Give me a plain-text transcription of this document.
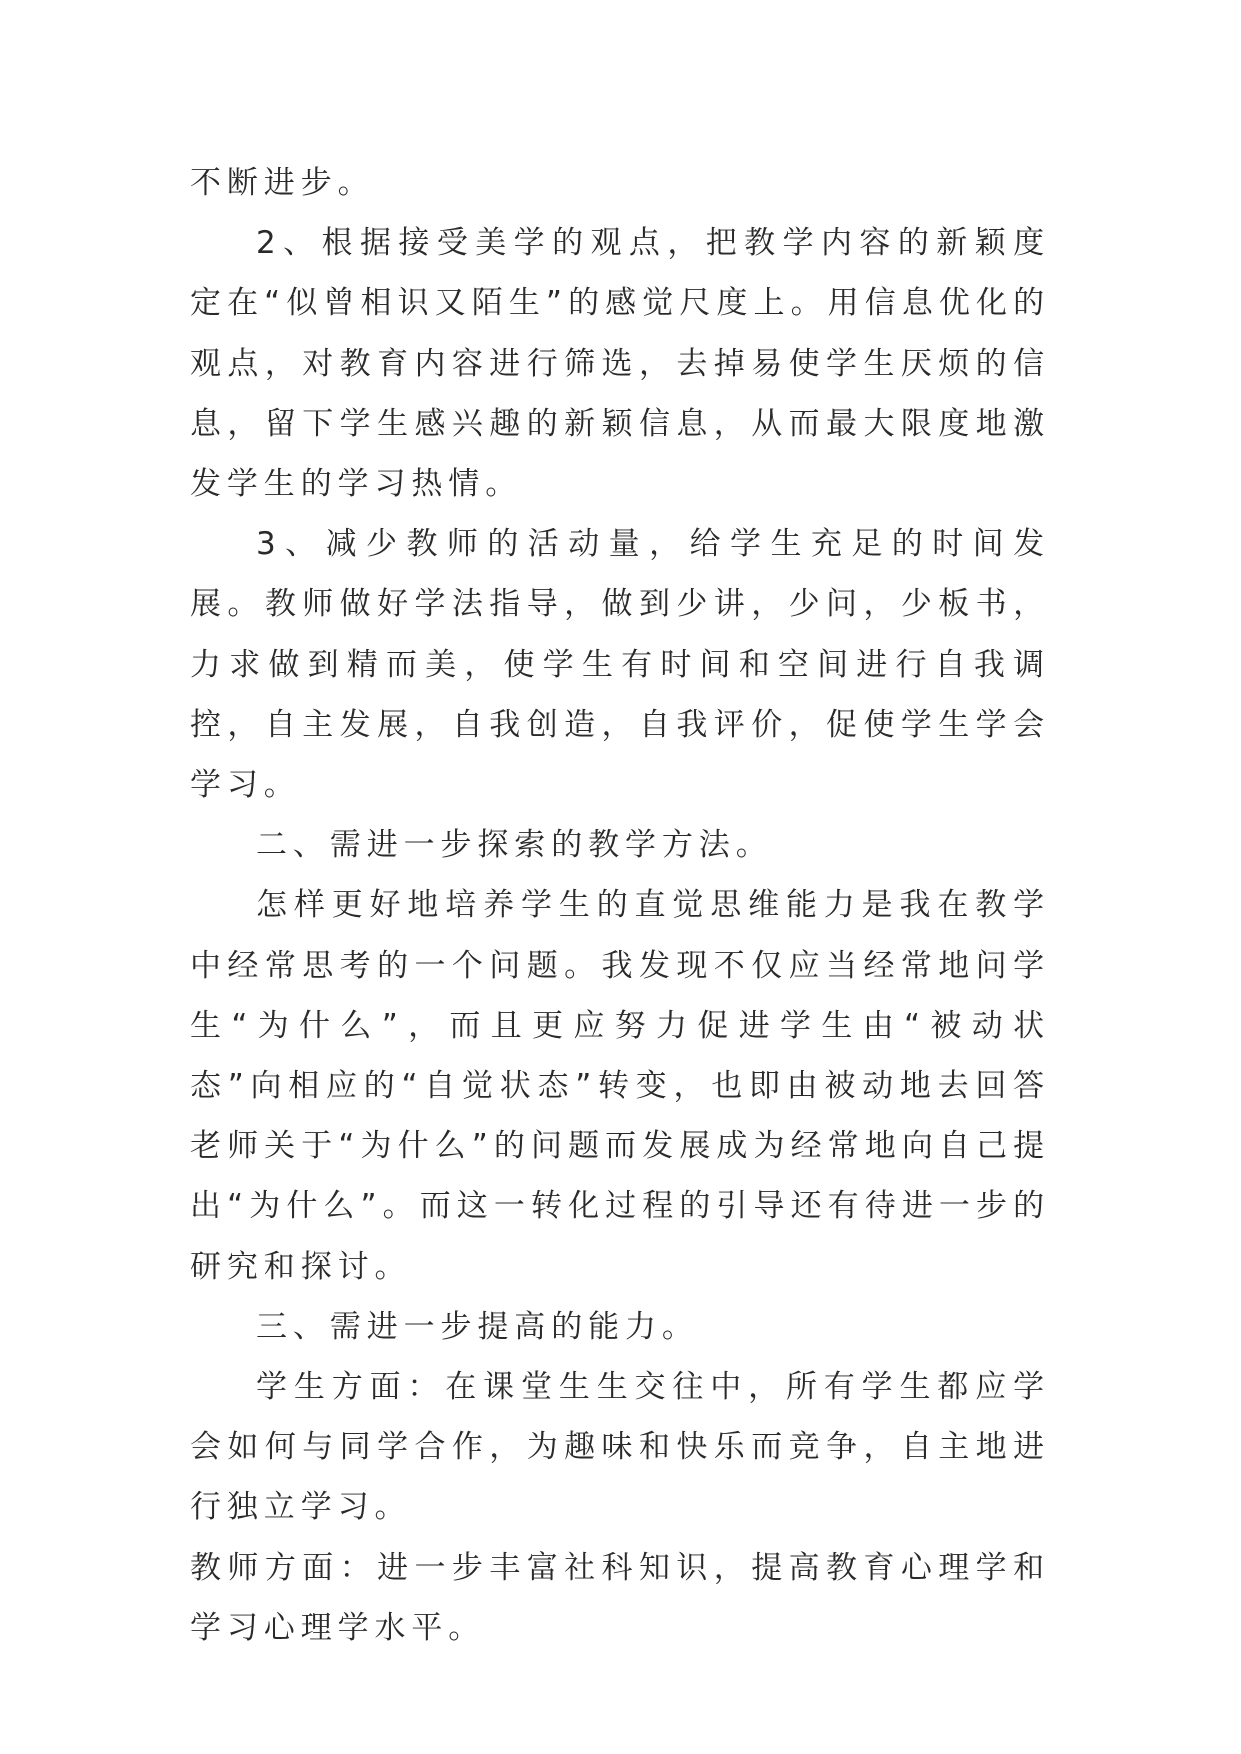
不断进步。

2、根据接受美学的观点，把教学内容的新颖度定在“似曾相识又陌生”的感觉尺度上。用信息优化的观点，对教育内容进行筛选，去掉易使学生厌烦的信息，留下学生感兴趣的新颖信息，从而最大限度地激发学生的学习热情。

3、减少教师的活动量，给学生充足的时间发展。教师做好学法指导，做到少讲，少问，少板书，力求做到精而美，使学生有时间和空间进行自我调控，自主发展，自我创造，自我评价，促使学生学会学习。

二、需进一步探索的教学方法。

怎样更好地培养学生的直觉思维能力是我在教学中经常思考的一个问题。我发现不仅应当经常地问学生“为什么”，而且更应努力促进学生由“被动状态”向相应的“自觉状态”转变，也即由被动地去回答老师关于“为什么”的问题而发展成为经常地向自己提出“为什么”。而这一转化过程的引导还有待进一步的研究和探讨。

三、需进一步提高的能力。

学生方面：在课堂生生交往中，所有学生都应学会如何与同学合作，为趣味和快乐而竞争，自主地进行独立学习。

教师方面：进一步丰富社科知识，提高教育心理学和学习心理学水平。
